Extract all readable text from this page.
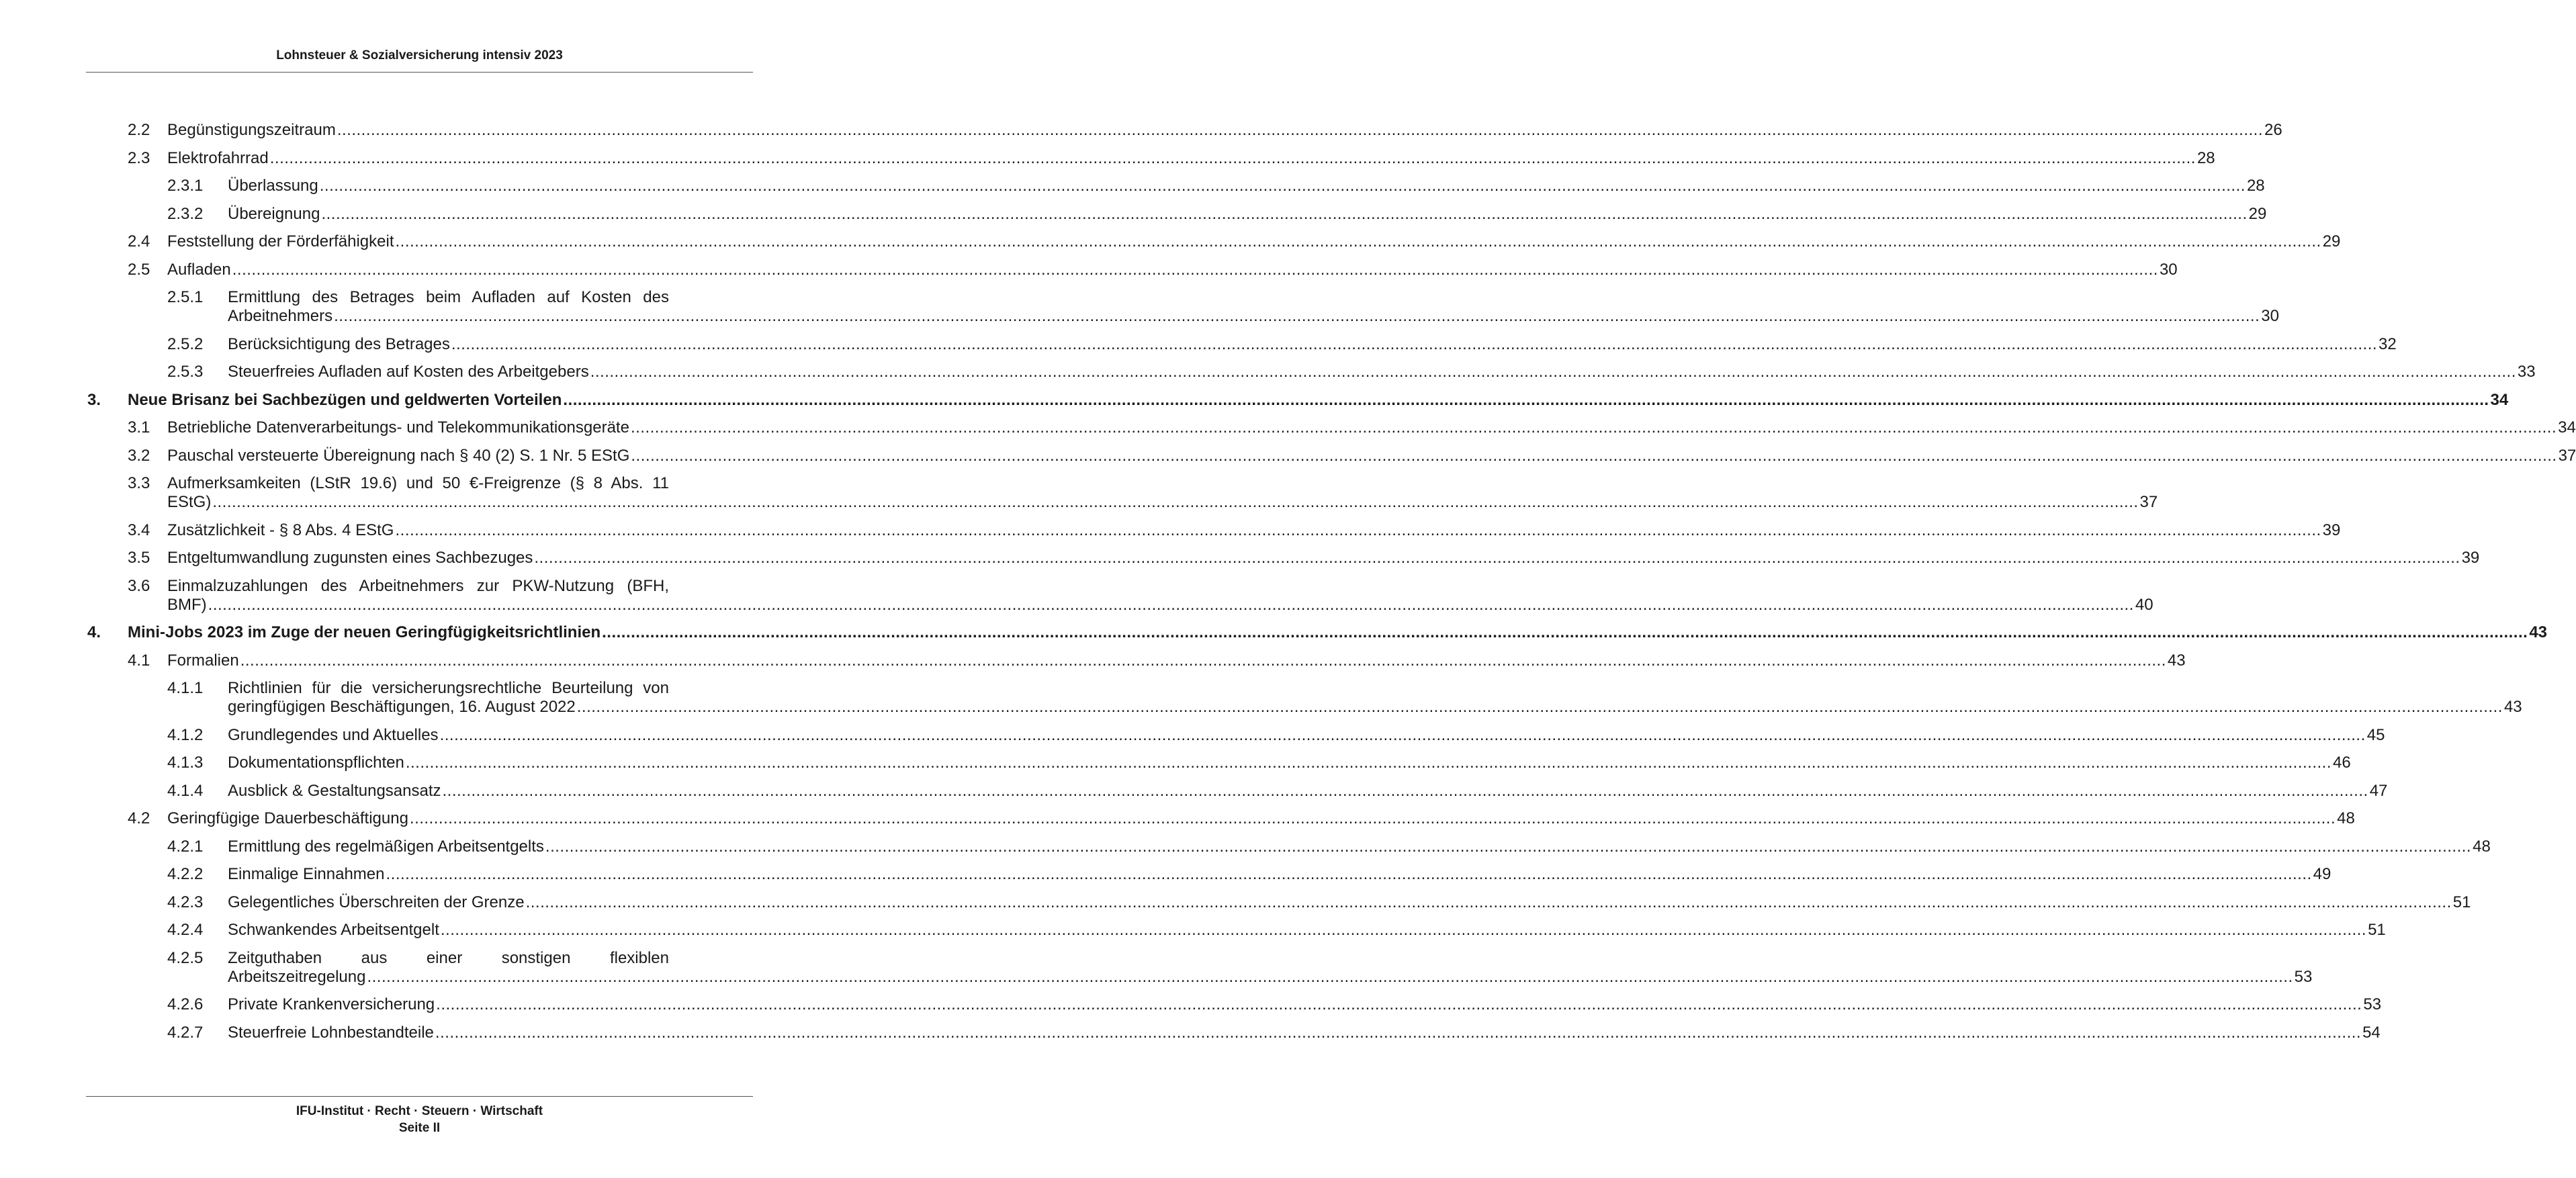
Lohnsteuer & Sozialversicherung intensiv 2023
2.2 Begünstigungszeitraum ................................................................................................................................................................................................................................................................................................................................................................................................................ 26
2.3 Elektrofahrrad ................................................................................................................................................................................................................................................................................................................................................................................................................ 28
2.3.1 Überlassung ................................................................................................................................................................................................................................................................................................................................................................................................................ 28
2.3.2 Übereignung ................................................................................................................................................................................................................................................................................................................................................................................................................ 29
2.4 Feststellung der Förderfähigkeit ................................................................................................................................................................................................................................................................................................................................................................................................................ 29
2.5 Aufladen ................................................................................................................................................................................................................................................................................................................................................................................................................ 30
2.5.1 Ermittlung des Betrages beim Aufladen auf Kosten des
Arbeitnehmers ................................................................................................................................................................................................................................................................................................................................................................................................................ 30
2.5.2 Berücksichtigung des Betrages ................................................................................................................................................................................................................................................................................................................................................................................................................ 32
2.5.3 Steuerfreies Aufladen auf Kosten des Arbeitgebers ................................................................................................................................................................................................................................................................................................................................................................................................................ 33
3. Neue Brisanz bei Sachbezügen und geldwerten Vorteilen ................................................................................................................................................................................................................................................................................................................................................................................................................ 34
3.1 Betriebliche Datenverarbeitungs- und Telekommunikationsgeräte ................................................................................................................................................................................................................................................................................................................................................................................................................ 34
3.2 Pauschal versteuerte Übereignung nach § 40 (2) S. 1 Nr. 5 EStG ................................................................................................................................................................................................................................................................................................................................................................................................................ 37
3.3 Aufmerksamkeiten (LStR 19.6) und 50 €-Freigrenze (§ 8 Abs. 11
EStG) ................................................................................................................................................................................................................................................................................................................................................................................................................ 37
3.4 Zusätzlichkeit - § 8 Abs. 4 EStG ................................................................................................................................................................................................................................................................................................................................................................................................................ 39
3.5 Entgeltumwandlung zugunsten eines Sachbezuges ................................................................................................................................................................................................................................................................................................................................................................................................................ 39
3.6 Einmalzuzahlungen des Arbeitnehmers zur PKW-Nutzung (BFH,
BMF) ................................................................................................................................................................................................................................................................................................................................................................................................................ 40
4. Mini-Jobs 2023 im Zuge der neuen Geringfügigkeitsrichtlinien ................................................................................................................................................................................................................................................................................................................................................................................................................ 43
4.1 Formalien ................................................................................................................................................................................................................................................................................................................................................................................................................ 43
4.1.1 Richtlinien für die versicherungsrechtliche Beurteilung von
geringfügigen Beschäftigungen, 16. August 2022 ................................................................................................................................................................................................................................................................................................................................................................................................................ 43
4.1.2 Grundlegendes und Aktuelles ................................................................................................................................................................................................................................................................................................................................................................................................................ 45
4.1.3 Dokumentationspflichten ................................................................................................................................................................................................................................................................................................................................................................................................................ 46
4.1.4 Ausblick & Gestaltungsansatz ................................................................................................................................................................................................................................................................................................................................................................................................................ 47
4.2 Geringfügige Dauerbeschäftigung ................................................................................................................................................................................................................................................................................................................................................................................................................ 48
4.2.1 Ermittlung des regelmäßigen Arbeitsentgelts ................................................................................................................................................................................................................................................................................................................................................................................................................ 48
4.2.2 Einmalige Einnahmen ................................................................................................................................................................................................................................................................................................................................................................................................................ 49
4.2.3 Gelegentliches Überschreiten der Grenze ................................................................................................................................................................................................................................................................................................................................................................................................................ 51
4.2.4 Schwankendes Arbeitsentgelt ................................................................................................................................................................................................................................................................................................................................................................................................................ 51
4.2.5 Zeitguthaben aus einer sonstigen flexiblen
Arbeitszeitregelung ................................................................................................................................................................................................................................................................................................................................................................................................................ 53
4.2.6 Private Krankenversicherung ................................................................................................................................................................................................................................................................................................................................................................................................................ 53
4.2.7 Steuerfreie Lohnbestandteile ................................................................................................................................................................................................................................................................................................................................................................................................................ 54
IFU-Institut · Recht · Steuern · Wirtschaft
Seite II
